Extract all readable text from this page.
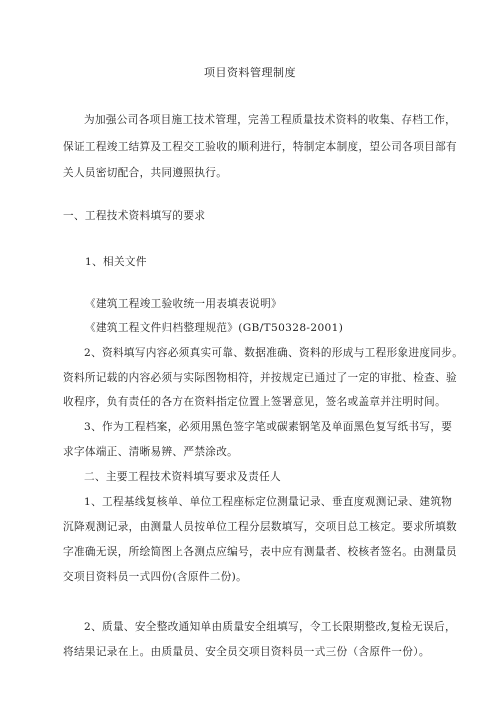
项目资料管理制度
为加强公司各项目施工技术管理，完善工程质量技术资料的收集、存档工作，
保证工程竣工结算及工程交工验收的顺利进行，特制定本制度，望公司各项目部有
关人员密切配合，共同遵照执行。
一、工程技术资料填写的要求
1、相关文件
《建筑工程竣工验收统一用表填表说明》
《建筑工程文件归档整理规范》(GB/T50328-2001)
2、资料填写内容必须真实可靠、数据准确、资料的形成与工程形象进度同步。
资料所记载的内容必须与实际图物相符，并按规定已通过了一定的审批、检查、验
收程序，负有责任的各方在资料指定位置上签署意见，签名或盖章并注明时间。
3、作为工程档案，必须用黑色签字笔或碳素钢笔及单面黑色复写纸书写，要
求字体端正、清晰易辨、严禁涂改。
二、主要工程技术资料填写要求及责任人
1、工程基线复核单、单位工程座标定位测量记录、垂直度观测记录、建筑物
沉降观测记录，由测量人员按单位工程分层数填写，交项目总工核定。要求所填数
字准确无误，所绘简图上各测点应编号，表中应有测量者、校核者签名。由测量员
交项目资料员一式四份(含原件二份)。
2、质量、安全整改通知单由质量安全组填写，令工长限期整改,复检无误后，
将结果记录在上。由质量员、安全员交项目资料员一式三份（含原件一份）。
